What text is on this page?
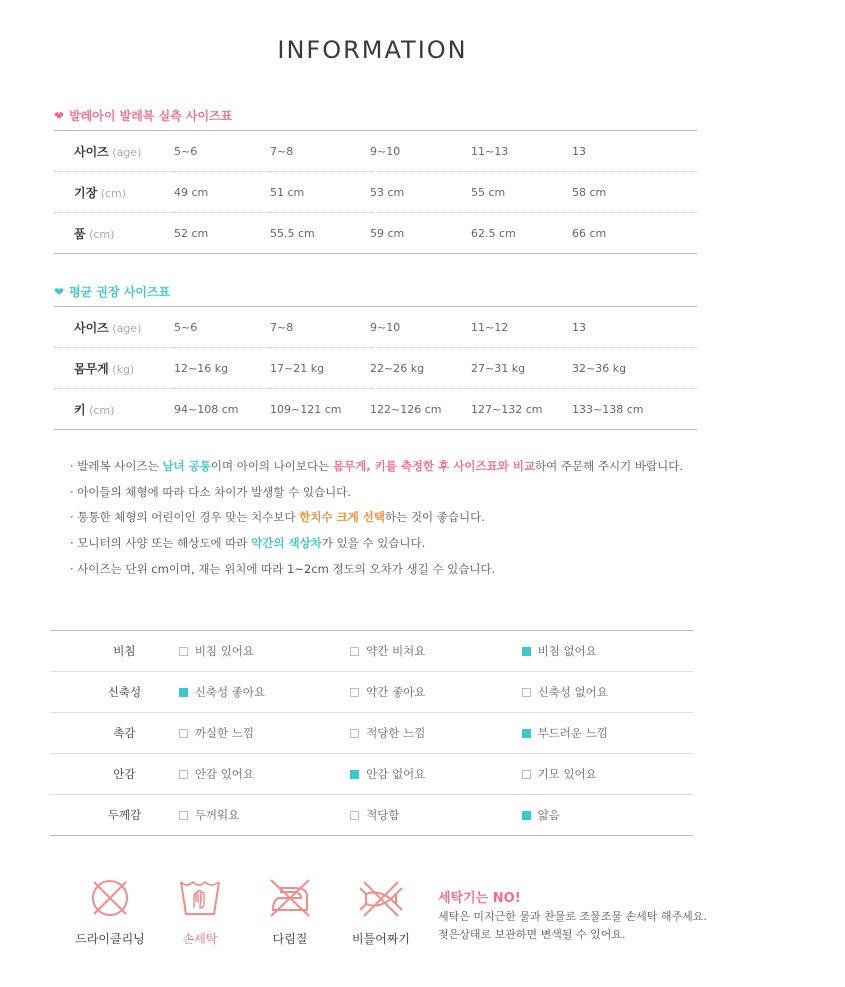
INFORMATION
❤ 발레아이 발레복 실측 사이즈표
사이즈 (age)	5~6	7~8	9~10	11~13	13
기장 (cm)	49 cm	51 cm	53 cm	55 cm	58 cm
품 (cm)	52 cm	55.5 cm	59 cm	62.5 cm	66 cm
❤ 평균 권장 사이즈표
사이즈 (age)	5~6	7~8	9~10	11~12	13
몸무게 (kg)	12~16 kg	17~21 kg	22~26 kg	27~31 kg	32~36 kg
키 (cm)	94~108 cm	109~121 cm	122~126 cm	127~132 cm	133~138 cm
· 발레복 사이즈는 남녀 공통이며 아이의 나이보다는 몸무게, 키를 측정한 후 사이즈표와 비교하여 주문해 주시기 바랍니다.
· 아이들의 체형에 따라 다소 차이가 발생할 수 있습니다.
· 통통한 체형의 어린이인 경우 맞는 치수보다 한치수 크게 선택하는 것이 좋습니다.
· 모니터의 사양 또는 해상도에 따라 약간의 색상차가 있을 수 있습니다.
· 사이즈는 단위 cm이며, 재는 위치에 따라 1~2cm 정도의 오차가 생길 수 있습니다.
비침	비침 있어요	약간 비쳐요	비침 없어요
신축성	신축성 좋아요	약간 좋아요	신축성 없어요
촉감	까실한 느낌	적당한 느낌	부드러운 느낌
안감	안감 있어요	안감 없어요	기모 있어요
두께감	두꺼워요	적당함	얇음
드라이클리닝	손세탁	다림질	비틀어짜기
세탁기는 NO!
세탁은 미지근한 물과 찬물로 조물조물 손세탁 해주세요.
젖은상태로 보관하면 변색될 수 있어요.
